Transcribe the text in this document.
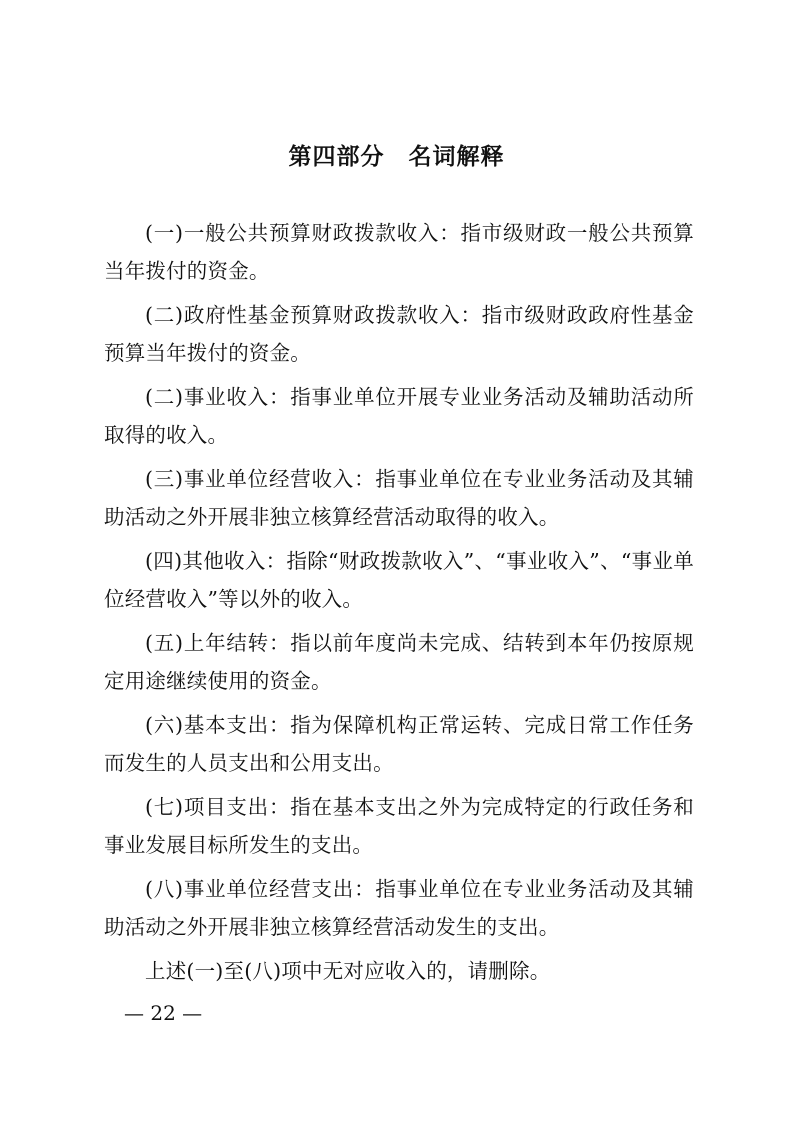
第四部分　名词解释

(一)一般公共预算财政拨款收入：指市级财政一般公共预算当年拨付的资金。

(二)政府性基金预算财政拨款收入：指市级财政政府性基金预算当年拨付的资金。

(二)事业收入：指事业单位开展专业业务活动及辅助活动所取得的收入。

(三)事业单位经营收入：指事业单位在专业业务活动及其辅助活动之外开展非独立核算经营活动取得的收入。

(四)其他收入：指除“财政拨款收入”、“事业收入”、“事业单位经营收入”等以外的收入。

(五)上年结转：指以前年度尚未完成、结转到本年仍按原规定用途继续使用的资金。

(六)基本支出：指为保障机构正常运转、完成日常工作任务而发生的人员支出和公用支出。

(七)项目支出：指在基本支出之外为完成特定的行政任务和事业发展目标所发生的支出。

(八)事业单位经营支出：指事业单位在专业业务活动及其辅助活动之外开展非独立核算经营活动发生的支出。

上述(一)至(八)项中无对应收入的，请删除。

— 22 —
